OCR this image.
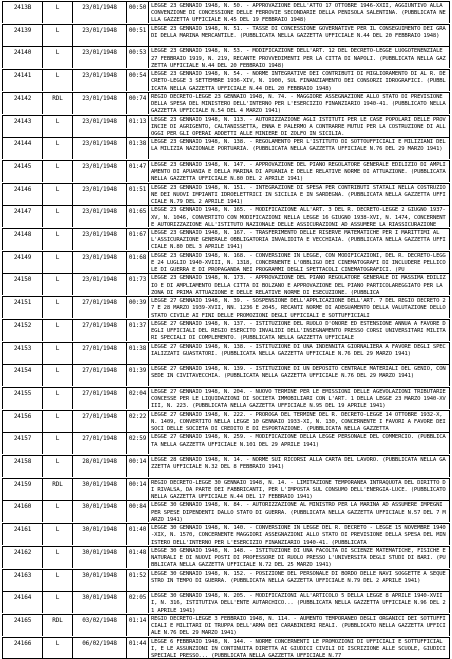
2413B	L	23/01/1948	00:50 LEGGE 23 GENNAIO 1948, N. 50. - APPROVAZIONE DELL'ATTO 17 OTTOBRE 1946-XXII, AGGIUNTIVO ALLA CONVENZIONE DI CONCESSIONE DELLE FERROVIE SECONDARIE DELLA PENISOLA SALENTINA. (PUBBLICATA NELLA GAZZETTA UFFICIALE N.45 DEL 19 FEBBRAIO 1948)
24139	L	23/01/1948	00:51 LEGGE 23 GENNAIO 1948, N. 51. - TASSE DI CONCESSIONE GOVERNATIVE PER IL CONSEGUIMENTO DEI GRADI DELLA MARINA MERCANTILE. (PUBBLICATA NELLA GAZZETTA UFFICIALE N.44 DEL 20 FEBBRAIO 1948)
24140	L	23/01/1948	00:53 LEGGE 23 GENNAIO 1948, N. 53. - MODIFICAZIONE DELL'ART. 12 DEL DECRETO-LEGGE LUOGOTENENZIALE 27 FEBBRAIO 1919, N. 219, RECANTE PROVVEDIMENTI PER LA CITTA DI NAPOLI. (PUBBLICATA NELLA GAZZETTA UFFICIALE N.44 DEL 20 FEBBRAIO 1948)
24141	L	23/01/1948	00:54 LEGGE 23 GENNAIO 1948, N. 54. - NORME INTEGRATIVE DEI CONTRIBUTI DI MIGLIORAMENTO DI AL R. DECRETO-LEGGE 3 SETTEMBRE 1936-XIV, N. 1900, SUL FINANZIAMENTO DEI CONSORZI IDROGRAFICI. (PUBBLICATA NELLA GAZZETTA UFFICIALE N.44 DEL 20 FEBBRAIO 1948)
24142	RDL	23/01/1948	00:74 REGIO DECRETO-LEGGE 23 GENNAIO 1948, N. 74. - MAGGIORE ASSEGNAZIONE ALLO STATO DI PREVISIONE DELLA SPESA DEL MINISTERO DELL'INTERNO PER L'ESERCIZIO FINANZIARIO 1940-41. (PUBBLICATO NELLA GAZZETTA UFFICIALE N.54 DEL 4 MARZO 1941)
24143	L	23/01/1948	01:13 LEGGE 23 GENNAIO 1948, N. 113. - AUTORIZZAZIONE AGLI ISTITUTI PER LE CASE POPOLARI DELLE PROVINCIE DI AGRIGENTO, CALTANISSETTA, ENNA E PALERMO A CONTRARRE MUTUI PER LA COSTRUZIONE DI ALLOGGI PER GLI OPERAI ADDETTI ALLE MINIERE DI ZOLFO IN SICILIA.
24144	L	23/01/1948	01:38 LEGGE 23 GENNAIO 1948, N. 138. - REGOLAMENTO PER L'ISTITUTO DI SOTTOUFFICIALI E MILIZIANI DELLA MILIZIA NAZIONALE PORTUARIA. (PUBBLICATA NELLA GAZZETTA UFFICIALE N.76 DEL 29 MARZO 1941)
24145	L	23/01/1948	01:47 LEGGE 23 GENNAIO 1948, N. 147. - APPROVAZIONE DEL PIANO REGOLATORE GENERALE EDILIZIO DI AMPLIAMENTO DI APUANIA E DELLA MARINA DI APUANIA E DELLE RELATIVE NORME DI ATTUAZIONE. (PUBBLICATA NELLA GAZZETTA UFFICIALE N.80 DEL 2 APRILE 1941)
24146	L	23/01/1948	01:51 LEGGE 23 GENNAIO 1948, N. 151. - INTEGRAZIONE DI SPESA PER CONTRIBUTI STATALI NELLA COSTRUZIONE DEI NUOVI IMPIANTI IDROELETTRICI IN SICILIA E IN SARDEGNA. (PUBBLICATA NELLA GAZZETTA UFFICIALE N.79 DEL 2 APRILE 1941)
24147	L	23/01/1948	01:65 LEGGE 23 GENNAIO 1948, N. 165. - MODIFICAZIONE ALL'ART. 3 DEL R. DECRETO-LEGGE 2 GIUGNO 1937-XV, N. 1046, CONVERTITO CON MODIFICAZIONI NELLA LEGGE 16 GIUGNO 1938-XVI, N. 1474, CONCERNENTE AUTORIZZAZIONE ALL'ISTITUTO NAZIONALE DELLE ASSICURAZIONI AD ASSUMERE LA RIASSICURAZIONE
24148	L	23/01/1948	01:67 LEGGE 23 GENNAIO 1948, N. 167. - TRASFERIMENTO DELLE RISERVE MATEMATICHE PER I MARITTIMI ALL'ASSICURAZIONE GENERALE OBBLIGATORIA INVALIDITA E VECCHIAIA. (PUBBLICATA NELLA GAZZETTA UFFICIALE N.80 DEL 3 APRILE 1941)
24149	L	23/01/1948	01:68 LEGGE 23 GENNAIO 1948, N. 168. - CONVERSIONE IN LEGGE, CON MODIFICAZIONI, DEL R. DECRETO-LEGGE 24 LUGLIO 1940-XVIII, N. 1318, CONCERNENTE L'OBBLIGO DEI CINEMATOGRAFI DI INCLUDERE PELLICOLE DI GUERRA E DI PROPAGANDA NEI PROGRAMMI DEGLI SPETTACOLI CINEMATOGRAFICI. (PU
24150	L	23/01/1948	01:73 LEGGE 23 GENNAIO 1948, N. 173. - APPROVAZIONE DEL PIANO REGOLATORE GENERALE DI MASSIMA EDILIZIO E DI AMPLIAMENTO DELLA CITTA DI BOLZANO E APPROVAZIONE DEL PIANO PARTICOLAREGGIATO PER LA ZONA DI PRIMA ATTUAZIONE E DELLE RELATIVE NORME DI ESECUZIONE. (PUBBLICA
24151	L	27/01/1948	00:39 LEGGE 27 GENNAIO 1948, N. 39. - SOSPENSIONE DELL'APPLICAZIONE DELL'ART. 7 DEL REGIO DECRETO 27 E 28 MARZO 1939-XVII, NN. 1236 E 2045, RECANTI NORME DI ADEGUAMENTO DELLA VALUTAZIONE DELLO STATO CIVILE AI FINI DELLE PROMOZIONI DEGLI UFFICIALI E SOTTUFFICIALI
24152	L	27/01/1948	01:37 LEGGE 27 GENNAIO 1948, N. 137. - ISTITUZIONE DEL RUOLO D'ONORE ED ESTENSIONE ANNUA A FAVORE DEGLI UFFICIALI DEL REGIO ESERCITO INVALIDI DELL'INSEGNAMENTO PRESSO CORSI UNIVERSITARI MILITARI SPECIALI DI COMPLEMENTO. (PUBBLICATA NELLA GAZZETTA UFFICIALE
24153	L	27/01/1948	01:38 LEGGE 27 GENNAIO 1948, N. 138. - ISTITUZIONE DI UNA INDENNITA GIORNALIERA A FAVORE DEGLI SPECIALIZZATI GUASTATORI. (PUBBLICATA NELLA GAZZETTA UFFICIALE N.76 DEL 29 MARZO 1941)
24154	L	27/01/1948	01:39 LEGGE 27 GENNAIO 1948, N. 139. - ISTITUZIONE DI UN DEPOSITO CENTRALE MATERIALI DEL GENIO, CON SEDE IN CIVITAVECCHIA. (PUBBLICATA NELLA GAZZETTA UFFICIALE N.76 DEL 29 MARZO 1941)
24155	L	27/01/1948	02:04 LEGGE 27 GENNAIO 1948, N. 204. - NUOVO TERMINE PER LE EMISSIONI DELLE AGEVOLAZIONI TRIBUTARIE CONCESSE PER LE LIQUIDAZIONI DI SOCIETA IMMOBILIARI CON L'ART. 1 DELLA LEGGE 23 MARZO 1940-XVIII, N. 223. (PUBBLICATA NELLA GAZZETTA UFFICIALE N.95 DEL 19 APRILE 1941)
24156	L	27/01/1948	02:22 LEGGE 27 GENNAIO 1948, N. 222. - PROROGA DEL TERMINE DEL R. DECRETO-LEGGE 14 OTTOBRE 1932-X, N. 1409, CONVERTITO NELLA LEGGE 10 GENNAIO 1933-XI, N. 130, CONCERNENTE I FAVORI A FAVORE DEI SOCI DELLE SOCIETA DI CREDITO E DI ESPORTAZIONE. (PUBBLICATA NELLA GAZZETTA
24157	L	27/01/1948	02:59 LEGGE 27 GENNAIO 1948, N. 259. - MODIFICAZIONE DELLA LEGGE PERSONALE DEL COMMERCIO. (PUBBLICATA NELLA GAZZETTA UFFICIALE N.101 DEL 29 APRILE 1941)
24158	L	28/01/1948	00:14 LEGGE 28 GENNAIO 1948, N. 14. - NORME SUI RICORSI ALLA CARTA DEL LAVORO. (PUBBLICATA NELLA GAZZETTA UFFICIALE N.32 DEL 8 FEBBRAIO 1941)
24159	RDL	30/01/1948	00:14 REGIO DECRETO-LEGGE 30 GENNAIO 1948, N. 14. - LIMITAZIONE TEMPORANEA INTRAQUOTA DEL DIRITTO DI RIVALSA, DA PARTE DEI FABBRICANTI, PER L'IMPOSTA SUL CONSUMO DELL'ENERGIA-LUCE. (PUBBLICATO NELLA GAZZETTA UFFICIALE N.44 DEL 17 FEBBRAIO 1941)
24160	L	30/01/1948	00:84 LEGGE 30 GENNAIO 1948, N. 84. - AUTORIZZAZIONE AL MINISTRO PER LA MARINA AD ASSUMERE IMPEGNI PER SPESE DIPENDENTI DALLO STATO DI GUERRA. (PUBBLICATA NELLA GAZZETTA UFFICIALE N.57 DEL 7 MARZO 1941)
24161	L	30/01/1948	01:40 LEGGE 30 GENNAIO 1948, N. 140. - CONVERSIONE IN LEGGE DEL R. DECRETO - LEGGE 15 NOVEMBRE 1940-XIX, N. 1570, CONCERNENTE MAGGIORI ASSEGNAZIONI ALLO STATO DI PREVISIONE DELLA SPESA DEL MINISTERO DELL'INTERNO PER L'ESERCIZIO FINANZIARIO 1940-41. (PUBBLICATA
24162	L	30/01/1948	01:48 LEGGE 30 GENNAIO 1948, N. 148. - ISTITUZIONE DI UNA FACOLTA DI SCIENZE MATEMATICHE, FISICHE E NATURALI E DI NUOVI POSTI DI PROFESSORE DI RUOLO PRESSO L'UNIVERSITA DEGLI STUDI DI BARI. (PUBBLICATA NELLA GAZZETTA UFFICIALE N.72 DEL 25 MARZO 1941)
24163	L	30/01/1948	01:52 LEGGE 30 GENNAIO 1948, N. 152. - POSIZIONE DEL PERSONALE DI BORDO DELLE NAVI SOGGETTE A SEQUESTRO IN TEMPO DI GUERRA. (PUBBLICATA NELLA GAZZETTA UFFICIALE N.79 DEL 2 APRILE 1941)
24164	L	30/01/1948	02:05 LEGGE 30 GENNAIO 1948, N. 205. - MODIFICAZIONI ALL'ARTICOLO 5 DELLA LEGGE 8 APRILE 1940-XVIII, N. 316, ISTITUTIVA DELL'ENTE AUTARCHICO... (PUBBLICATA NELLA GAZZETTA UFFICIALE N.96 DEL 21 APRILE 1941)
24165	RDL	03/02/1948	01:14 REGIO DECRETO-LEGGE 3 FEBBRAIO 1948, N. 114. - AUMENTO TEMPORANEO DEGLI ORGANICI DEI SOTTUFFICIALI E MILITARI DI TRUPPA DELL'ARMA DEI CARABINIERI REALI. (PUBBLICATO NELLA GAZZETTA UFFICIALE N.76 DEL 29 MARZO 1941)
24166	L	06/02/1948	01:44 LEGGE 6 FEBBRAIO 1948, N. 144. - NORME CONCERNENTI LE PROMOZIONI DI UFFICIALI E SOTTUFFICIALI, E LE ASSUNZIONI IN CONTINUITA DIRETTA AI GIUDICI CIVILI DI ISCRIZIONE ALLE SCUOLE, GIUDICI SPECIALI PRESSO... (PUBBLICATA NELLA GAZZETTA UFFICIALE N.77
